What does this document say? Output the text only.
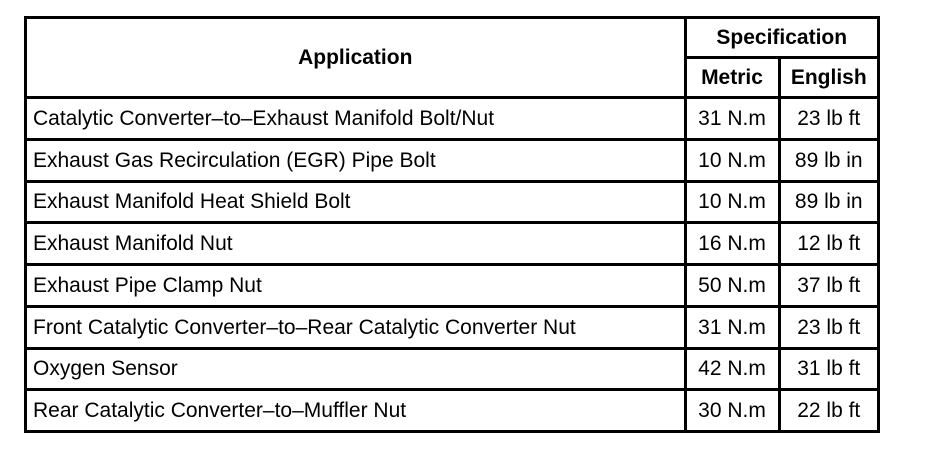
Application	Specification	
	Metric	English
Catalytic Converter–to–Exhaust Manifold Bolt/Nut	31 N.m	23 lb ft
Exhaust Gas Recirculation (EGR) Pipe Bolt	10 N.m	89 lb in
Exhaust Manifold Heat Shield Bolt	10 N.m	89 lb in
Exhaust Manifold Nut	16 N.m	12 lb ft
Exhaust Pipe Clamp Nut	50 N.m	37 lb ft
Front Catalytic Converter–to–Rear Catalytic Converter Nut	31 N.m	23 lb ft
Oxygen Sensor	42 N.m	31 lb ft
Rear Catalytic Converter–to–Muffler Nut	30 N.m	22 lb ft
